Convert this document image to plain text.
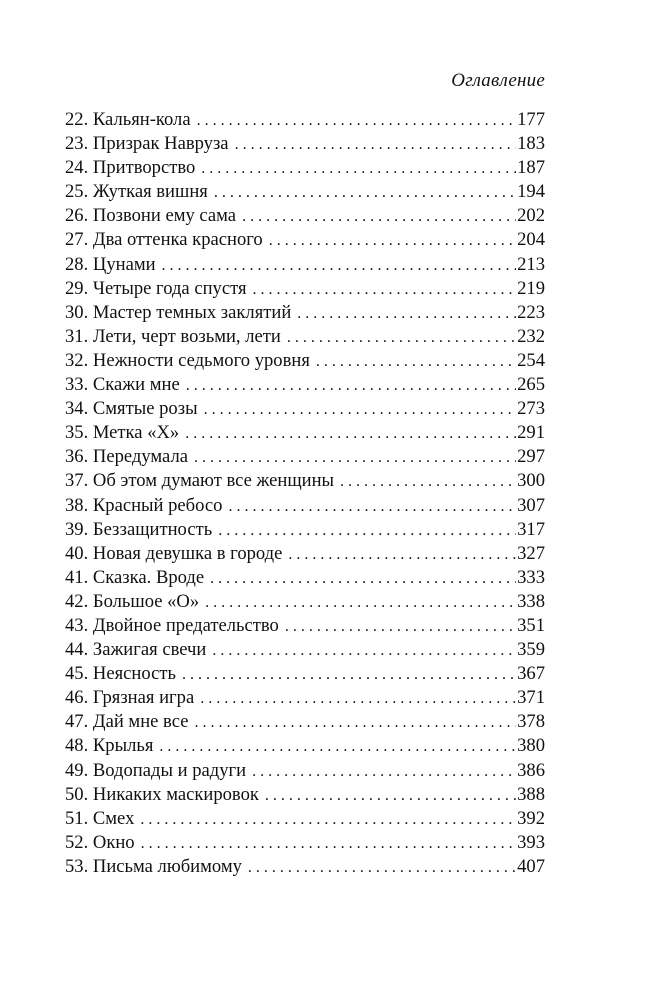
Оглавление
22. Кальян-кола . . .	177
23. Призрак Навруза . . .	183
24. Притворство . . .	187
25. Жуткая вишня . . .	194
26. Позвони ему сама . . .	202
27. Два оттенка красного . . .	204
28. Цунами . . .	213
29. Четыре года спустя . . .	219
30. Мастер темных заклятий . . .	223
31. Лети, черт возьми, лети . . .	232
32. Нежности седьмого уровня . . .	254
33. Скажи мне . . .	265
34. Смятые розы . . .	273
35. Метка «Х» . . .	291
36. Передумала . . .	297
37. Об этом думают все женщины . . .	300
38. Красный ребосо . . .	307
39. Беззащитность . . .	317
40. Новая девушка в городе . . .	327
41. Сказка. Вроде . . .	333
42. Большое «О» . . .	338
43. Двойное предательство . . .	351
44. Зажигая свечи . . .	359
45. Неясность . . .	367
46. Грязная игра . . .	371
47. Дай мне все . . .	378
48. Крылья . . .	380
49. Водопады и радуги . . .	386
50. Никаких маскировок . . .	388
51. Смех . . .	392
52. Окно . . .	393
53. Письма любимому . . .	407
